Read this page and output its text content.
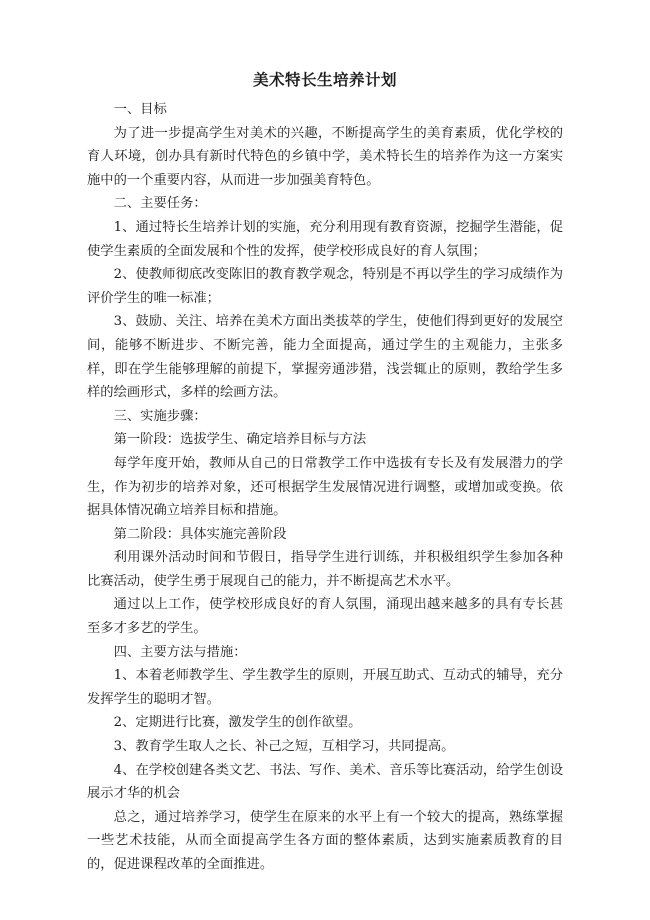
美术特长生培养计划

一、目标

为了进一步提高学生对美术的兴趣，不断提高学生的美育素质，优化学校的育人环境，创办具有新时代特色的乡镇中学，美术特长生的培养作为这一方案实施中的一个重要内容，从而进一步加强美育特色。

二、主要任务：

1、通过特长生培养计划的实施，充分利用现有教育资源，挖掘学生潜能，促使学生素质的全面发展和个性的发挥，使学校形成良好的育人氛围；

2、使教师彻底改变陈旧的教育教学观念，特别是不再以学生的学习成绩作为评价学生的唯一标准；

3、鼓励、关注、培养在美术方面出类拔萃的学生，使他们得到更好的发展空间，能够不断进步、不断完善，能力全面提高，通过学生的主观能力，主张多样，即在学生能够理解的前提下，掌握旁通涉猎，浅尝辄止的原则，教给学生多样的绘画形式，多样的绘画方法。

三、实施步骤：

第一阶段：选拔学生、确定培养目标与方法

每学年度开始，教师从自己的日常教学工作中选拔有专长及有发展潜力的学生，作为初步的培养对象，还可根据学生发展情况进行调整，或增加或变换。依据具体情况确立培养目标和措施。

第二阶段：具体实施完善阶段

利用课外活动时间和节假日，指导学生进行训练，并积极组织学生参加各种比赛活动，使学生勇于展现自己的能力，并不断提高艺术水平。

通过以上工作，使学校形成良好的育人氛围，涌现出越来越多的具有专长甚至多才多艺的学生。

四、主要方法与措施：

1、本着老师教学生、学生教学生的原则，开展互助式、互动式的辅导，充分发挥学生的聪明才智。

2、定期进行比赛，激发学生的创作欲望。

3、教育学生取人之长、补己之短，互相学习，共同提高。

4、在学校创建各类文艺、书法、写作、美术、音乐等比赛活动，给学生创设展示才华的机会

总之，通过培养学习，使学生在原来的水平上有一个较大的提高，熟练掌握一些艺术技能，从而全面提高学生各方面的整体素质，达到实施素质教育的目的，促进课程改革的全面推进。
